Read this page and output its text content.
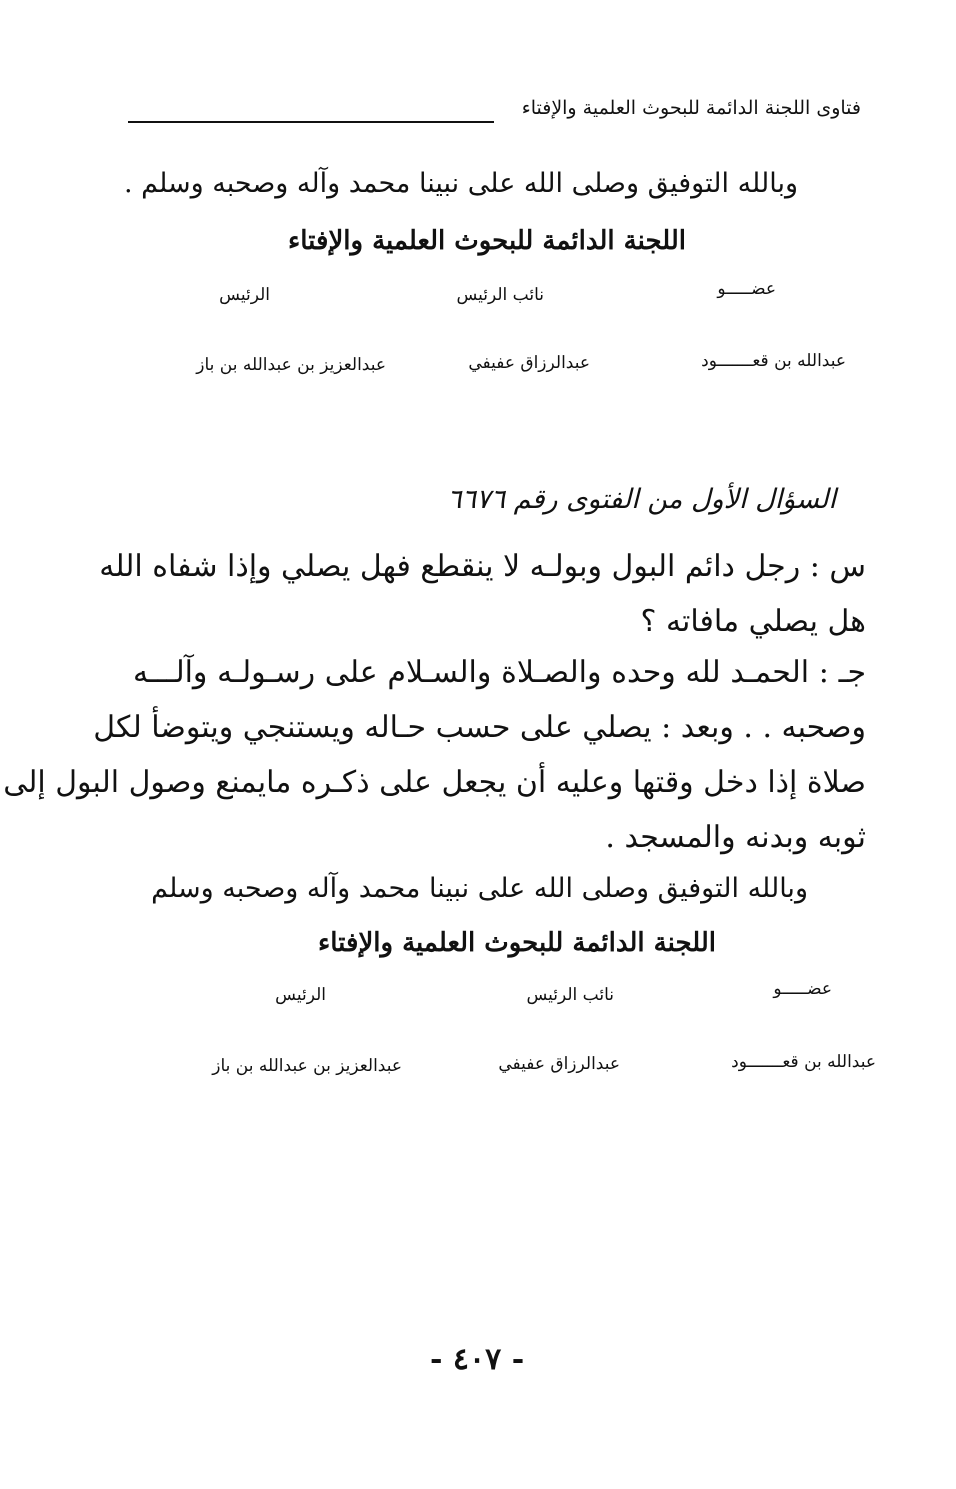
فتاوى اللجنة الدائمة للبحوث العلمية والإفتاء
وبالله التوفيق وصلى الله على نبينا محمد وآله وصحبه وسلم .
اللجنة الدائمة للبحوث العلمية والإفتاء
عضـــــو
نائب الرئيس
الرئيس
عبدالله بن قعـــــــود
عبدالرزاق عفيفي
عبدالعزيز بن عبدالله بن باز
السؤال الأول من الفتوى رقم ٦٦٧٦
س : رجل دائم البول وبولـه لا ينقطع فهل يصلي وإذا شفاه الله
هل يصلي مافاته ؟
جـ : الحمـد لله وحده والصـلاة والسـلام على رسـولـه وآلـــه
وصحبه . . وبعد : يصلي على حسب حـاله ويستنجي ويتوضأ لكل
صلاة إذا دخل وقتها وعليه أن يجعل على ذكـره مايمنع وصول البول إلى
ثوبه وبدنه والمسجد .
وبالله التوفيق وصلى الله على نبينا محمد وآله وصحبه وسلم
اللجنة الدائمة للبحوث العلمية والإفتاء
عضـــــو
نائب الرئيس
الرئيس
عبدالله بن قعـــــــود
عبدالرزاق عفيفي
عبدالعزيز بن عبدالله بن باز
- ٤٠٧ -
